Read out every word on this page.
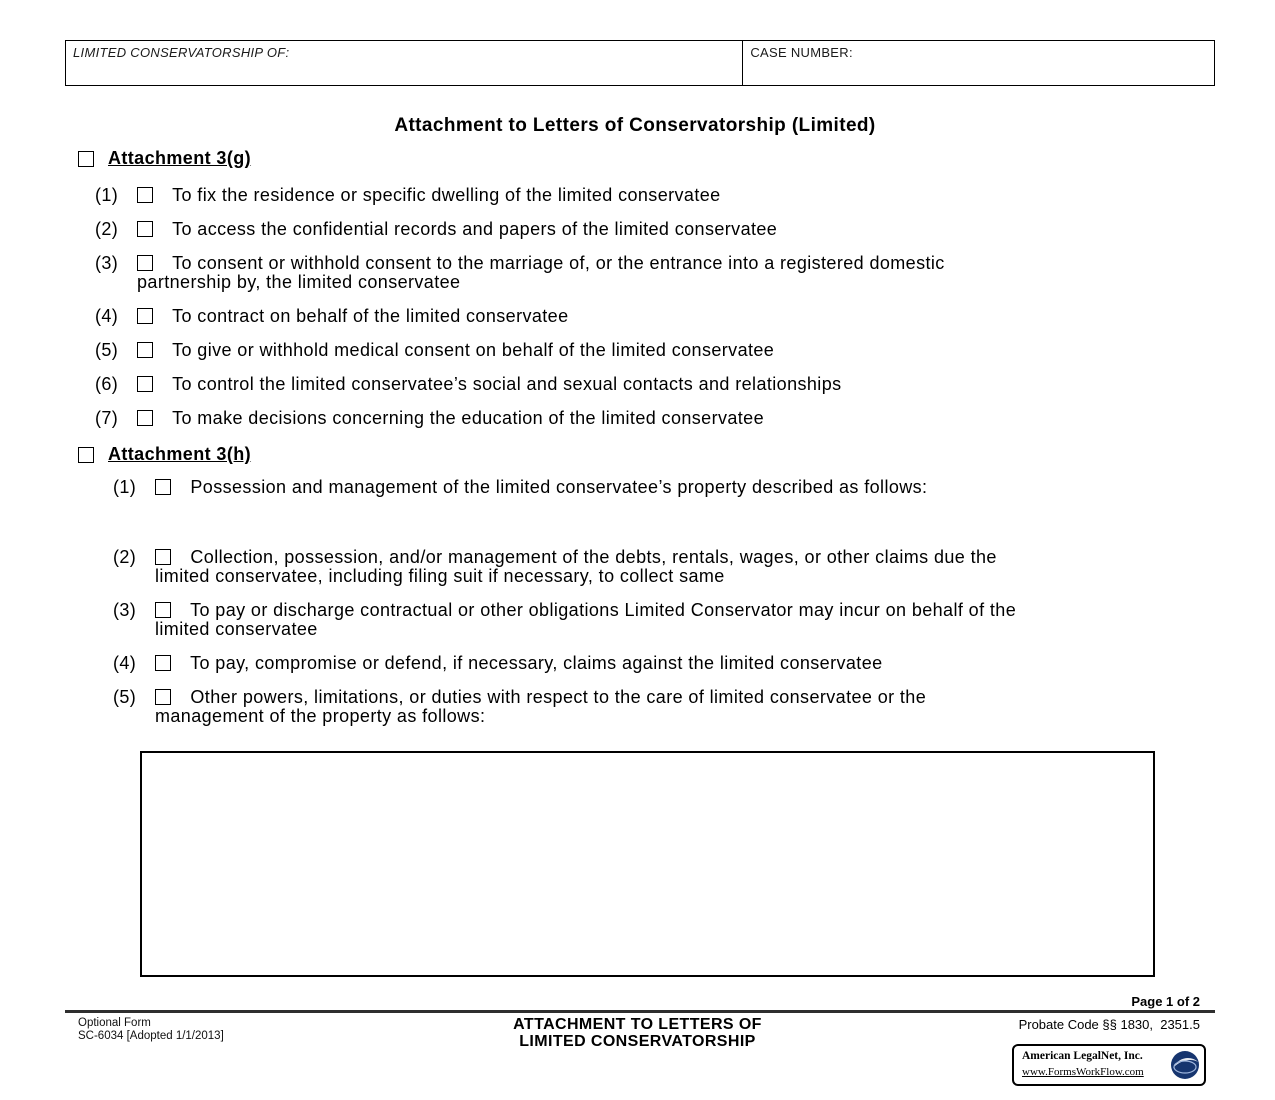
LIMITED CONSERVATORSHIP OF:	CASE NUMBER:
Attachment to Letters of Conservatorship (Limited)
Attachment 3(g)
(1)	To fix the residence or specific dwelling of the limited conservatee

(2)	To access the confidential records and papers of the limited conservatee

(3)	To consent or withhold consent to the marriage of, or the entrance into a registered domestic
partnership by, the limited conservatee

(4)	To contract on behalf of the limited conservatee

(5)	To give or withhold medical consent on behalf of the limited conservatee

(6)	To control the limited conservatee’s social and sexual contacts and relationships

(7)	To make decisions concerning the education of the limited conservatee

Attachment 3(h)
(1)	Possession and management of the limited conservatee’s property described as follows:

(2)	Collection, possession, and/or management of the debts, rentals, wages, or other claims due the
limited conservatee, including filing suit if necessary, to collect same

(3)	To pay or discharge contractual or other obligations Limited Conservator may incur on behalf of the
limited conservatee

(4)	To pay, compromise or defend, if necessary, claims against the limited conservatee

(5)	Other powers, limitations, or duties with respect to the care of limited conservatee or the
management of the property as follows:

Page 1 of 2
Optional Form
SC-6034 [Adopted 1/1/2013]
ATTACHMENT TO LETTERS OF
LIMITED CONSERVATORSHIP
Probate Code §§ 1830,  2351.5
American LegalNet, Inc.
www.FormsWorkFlow.com
